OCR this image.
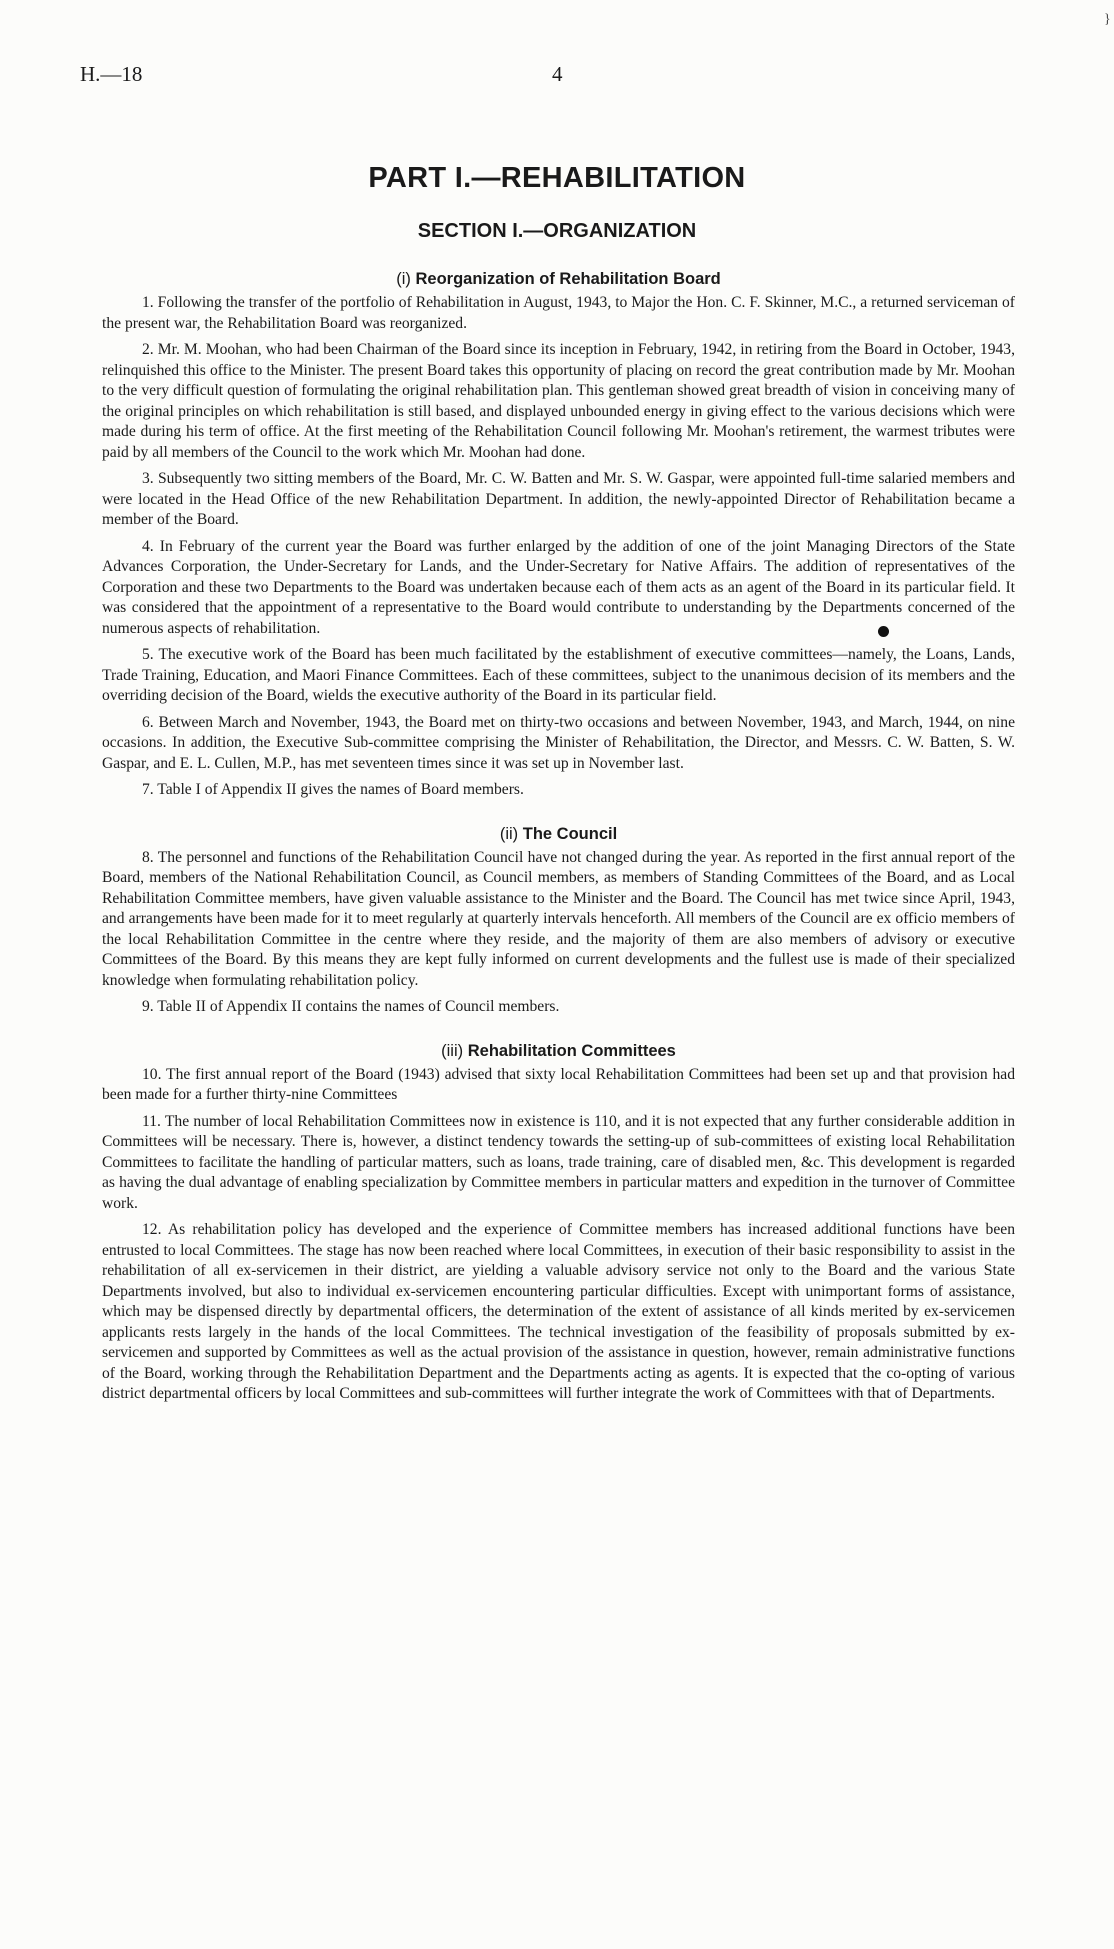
}
H.—18	4
PART I.—REHABILITATION
SECTION I.—ORGANIZATION
(i) Reorganization of Rehabilitation Board

1. Following the transfer of the portfolio of Rehabilitation in August, 1943, to Major the Hon. C. F. Skinner, M.C., a returned serviceman of the present war, the Rehabilitation Board was reorganized.

2. Mr. M. Moohan, who had been Chairman of the Board since its inception in February, 1942, in retiring from the Board in October, 1943, relinquished this office to the Minister. The present Board takes this opportunity of placing on record the great contribution made by Mr. Moohan to the very difficult question of formulating the original rehabilitation plan. This gentleman showed great breadth of vision in conceiving many of the original principles on which rehabilitation is still based, and displayed unbounded energy in giving effect to the various decisions which were made during his term of office. At the first meeting of the Rehabilitation Council following Mr. Moohan's retirement, the warmest tributes were paid by all members of the Council to the work which Mr. Moohan had done.

3. Subsequently two sitting members of the Board, Mr. C. W. Batten and Mr. S. W. Gaspar, were appointed full-time salaried members and were located in the Head Office of the new Rehabilitation Department. In addition, the newly-appointed Director of Rehabilitation became a member of the Board.

4. In February of the current year the Board was further enlarged by the addition of one of the joint Managing Directors of the State Advances Corporation, the Under-Secretary for Lands, and the Under-Secretary for Native Affairs. The addition of representatives of the Corporation and these two Departments to the Board was undertaken because each of them acts as an agent of the Board in its particular field. It was considered that the appointment of a representative to the Board would contribute to understanding by the Departments concerned of the numerous aspects of rehabilitation.

5. The executive work of the Board has been much facilitated by the establishment of executive committees—namely, the Loans, Lands, Trade Training, Education, and Maori Finance Committees. Each of these committees, subject to the unanimous decision of its members and the overriding decision of the Board, wields the executive authority of the Board in its particular field.

6. Between March and November, 1943, the Board met on thirty-two occasions and between November, 1943, and March, 1944, on nine occasions. In addition, the Executive Sub-committee comprising the Minister of Rehabilitation, the Director, and Messrs. C. W. Batten, S. W. Gaspar, and E. L. Cullen, M.P., has met seventeen times since it was set up in November last.

7. Table I of Appendix II gives the names of Board members.

(ii) The Council

8. The personnel and functions of the Rehabilitation Council have not changed during the year. As reported in the first annual report of the Board, members of the National Rehabilitation Council, as Council members, as members of Standing Committees of the Board, and as Local Rehabilitation Committee members, have given valuable assistance to the Minister and the Board. The Council has met twice since April, 1943, and arrangements have been made for it to meet regularly at quarterly intervals henceforth. All members of the Council are ex officio members of the local Rehabilitation Committee in the centre where they reside, and the majority of them are also members of advisory or executive Committees of the Board. By this means they are kept fully informed on current developments and the fullest use is made of their specialized knowledge when formulating rehabilitation policy.

9. Table II of Appendix II contains the names of Council members.

(iii) Rehabilitation Committees

10. The first annual report of the Board (1943) advised that sixty local Rehabilitation Committees had been set up and that provision had been made for a further thirty-nine Committees

11. The number of local Rehabilitation Committees now in existence is 110, and it is not expected that any further considerable addition in Committees will be necessary. There is, however, a distinct tendency towards the setting-up of sub-committees of existing local Rehabilitation Committees to facilitate the handling of particular matters, such as loans, trade training, care of disabled men, &c. This development is regarded as having the dual advantage of enabling specialization by Committee members in particular matters and expedition in the turnover of Committee work.

12. As rehabilitation policy has developed and the experience of Committee members has increased additional functions have been entrusted to local Committees. The stage has now been reached where local Committees, in execution of their basic responsibility to assist in the rehabilitation of all ex-servicemen in their district, are yielding a valuable advisory service not only to the Board and the various State Departments involved, but also to individual ex-servicemen encountering particular difficulties. Except with unimportant forms of assistance, which may be dispensed directly by departmental officers, the determination of the extent of assistance of all kinds merited by ex-servicemen applicants rests largely in the hands of the local Committees. The technical investigation of the feasibility of proposals submitted by ex-servicemen and supported by Committees as well as the actual provision of the assistance in question, however, remain administrative functions of the Board, working through the Rehabilitation Department and the Departments acting as agents. It is expected that the co-opting of various district departmental officers by local Committees and sub-committees will further integrate the work of Committees with that of Departments.
